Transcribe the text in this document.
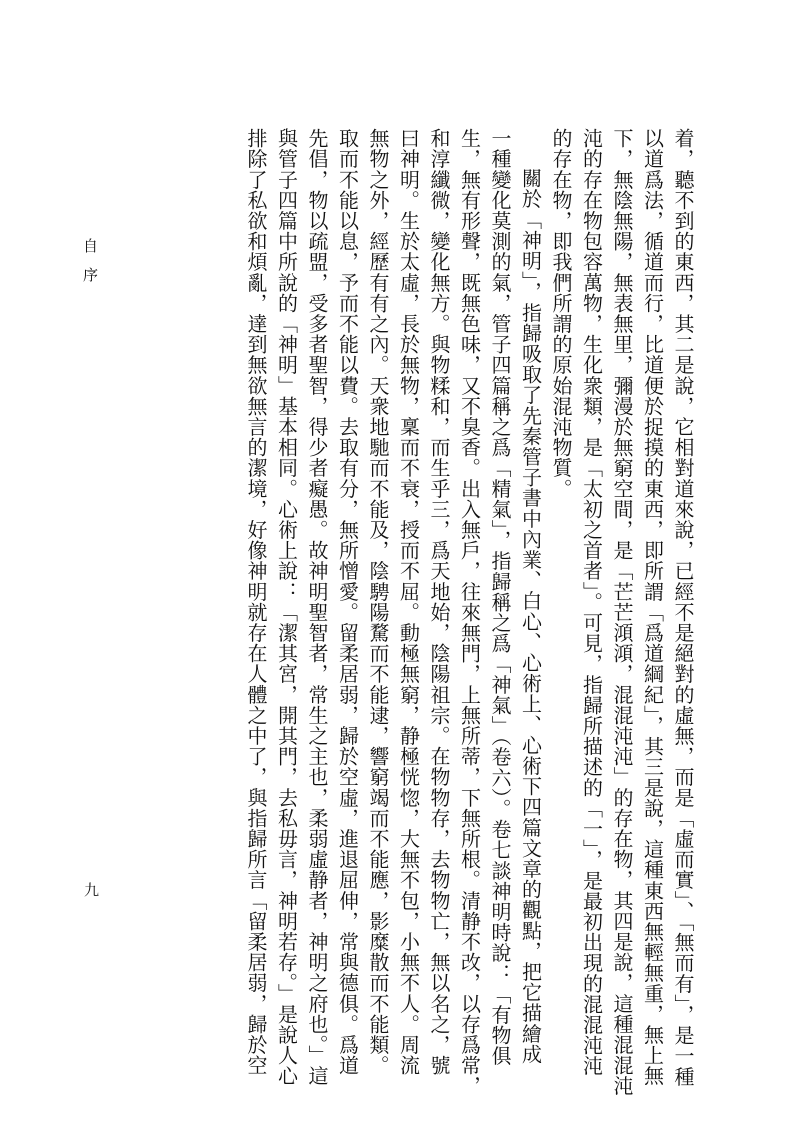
自序
九	着，聽不到的東西，其二是說，它相對道來說，已經不是絕對的虛無，而是「虛而實」、「無而有」，是一種
以道爲法，循道而行，比道便於捉摸的東西，即所謂「爲道綱紀」，其三是說，這種東西無輕無重，無上無
下，無陰無陽，無表無里，彌漫於無窮空間，是「芒芒澒澒，混混沌沌」的存在物，其四是說，這種混混沌
沌的存在物包容萬物，生化衆類，是「太初之首者」。可見，指歸所描述的「一」，是最初出現的混混沌沌
的存在物，即我們所謂的原始混沌物質。
關於「神明」，指歸吸取了先秦管子書中內業、白心、心術上、心術下四篇文章的觀點，把它描繪成
一種變化莫測的氣，管子四篇稱之爲「精氣」，指歸稱之爲「神氣」（卷六）。卷七談神明時說：「有物俱
生，無有形聲，既無色味，又不臭香。出入無戶，往來無門，上無所蒂，下無所根。清静不改，以存爲常，
和淳纖微，變化無方。與物糅和，而生乎三，爲天地始，陰陽祖宗。在物物存，去物物亡，無以名之，號
曰神明。生於太虛，長於無物，稟而不衰，授而不屈。動極無窮，静極恍惚，大無不包，小無不人。周流
無物之外，經歷有有之內。天衆地馳而不能及，陰騁陽騖而不能逮，響窮竭而不能應，影糜散而不能類。
取而不能以息，予而不能以費。去取有分，無所憎愛。留柔居弱，歸於空虛，進退屈伸，常與德俱。爲道
先倡，物以疏盟，受多者聖智，得少者癡愚。故神明聖智者，常生之主也，柔弱虛静者，神明之府也。」這
與管子四篇中所說的「神明」基本相同。心術上說：「潔其宮，開其門，去私毋言，神明若存。」是說人心
排除了私欲和煩亂，達到無欲無言的潔境，好像神明就存在人體之中了，與指歸所言「留柔居弱，歸於空
